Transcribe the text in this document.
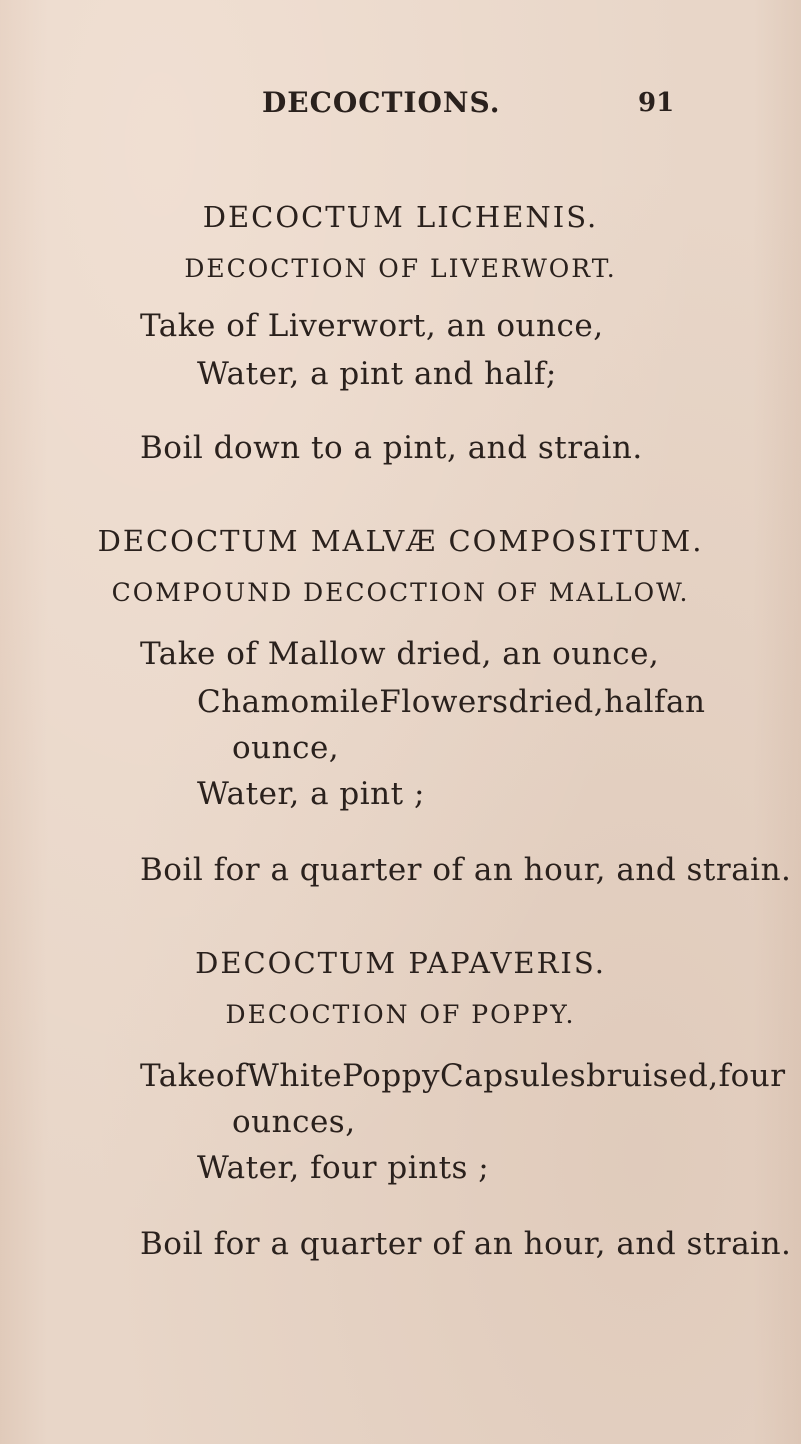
DECOCTIONS.	91
DECOCTUM LICHENIS.
DECOCTION OF LIVERWORT.
Take of Liverwort, an ounce,
Water, a pint and half;
Boil down to a pint, and strain.
DECOCTUM MALVÆ COMPOSITUM.
COMPOUND DECOCTION OF MALLOW.
Take of Mallow dried, an ounce,
Chamomile Flowers dried, half an
ounce,
Water, a pint ;
Boil for a quarter of an hour, and strain.
DECOCTUM PAPAVERIS.
DECOCTION OF POPPY.
Take of White Poppy Capsules bruised, four
ounces,
Water, four pints ;
Boil for a quarter of an hour, and strain.
